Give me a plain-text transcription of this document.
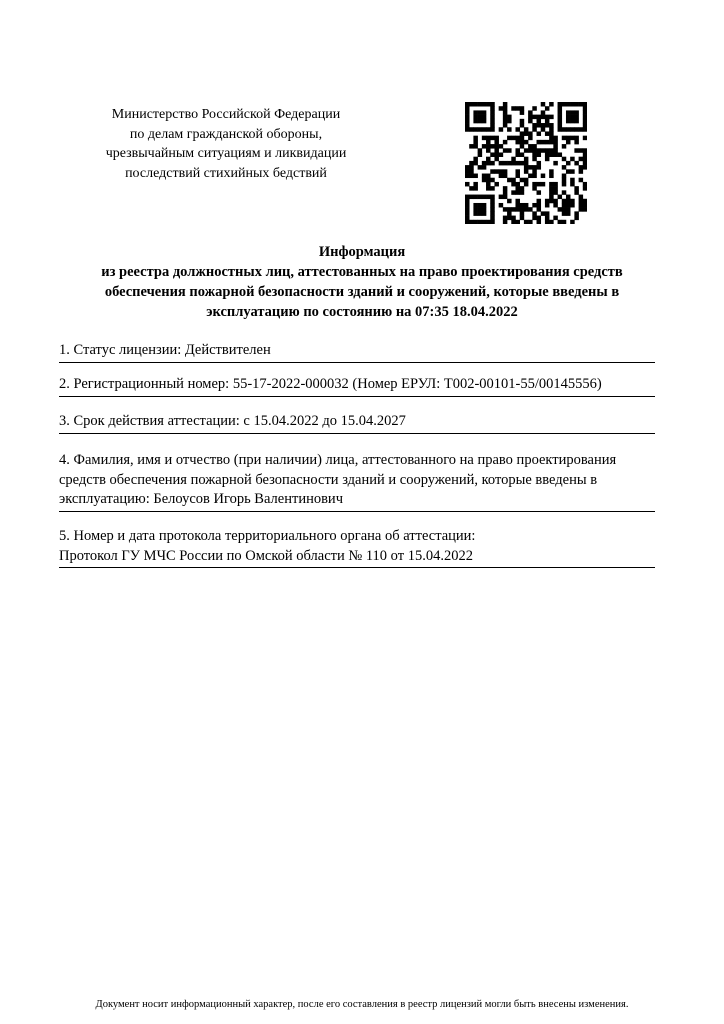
Министерство Российской Федерации
по делам гражданской обороны,
чрезвычайным ситуациям и ликвидации
последствий стихийных бедствий
Информация
из реестра должностных лиц, аттестованных на право проектирования средств
обеспечения пожарной безопасности зданий и сооружений, которые введены в
эксплуатацию по состоянию на 07:35 18.04.2022
1. Статус лицензии: Действителен
2. Регистрационный номер: 55-17-2022-000032 (Номер ЕРУЛ: Т002-00101-55/00145556)
3. Срок действия аттестации: с 15.04.2022 до 15.04.2027
4. Фамилия, имя и отчество (при наличии) лица, аттестованного на право проектирования
средств обеспечения пожарной безопасности зданий и сооружений, которые введены в
эксплуатацию: Белоусов Игорь Валентинович
5. Номер и дата протокола территориального органа об аттестации:
Протокол ГУ МЧС России по Омской области № 110 от 15.04.2022
Документ носит информационный характер, после его составления в реестр лицензий могли быть внесены изменения.
